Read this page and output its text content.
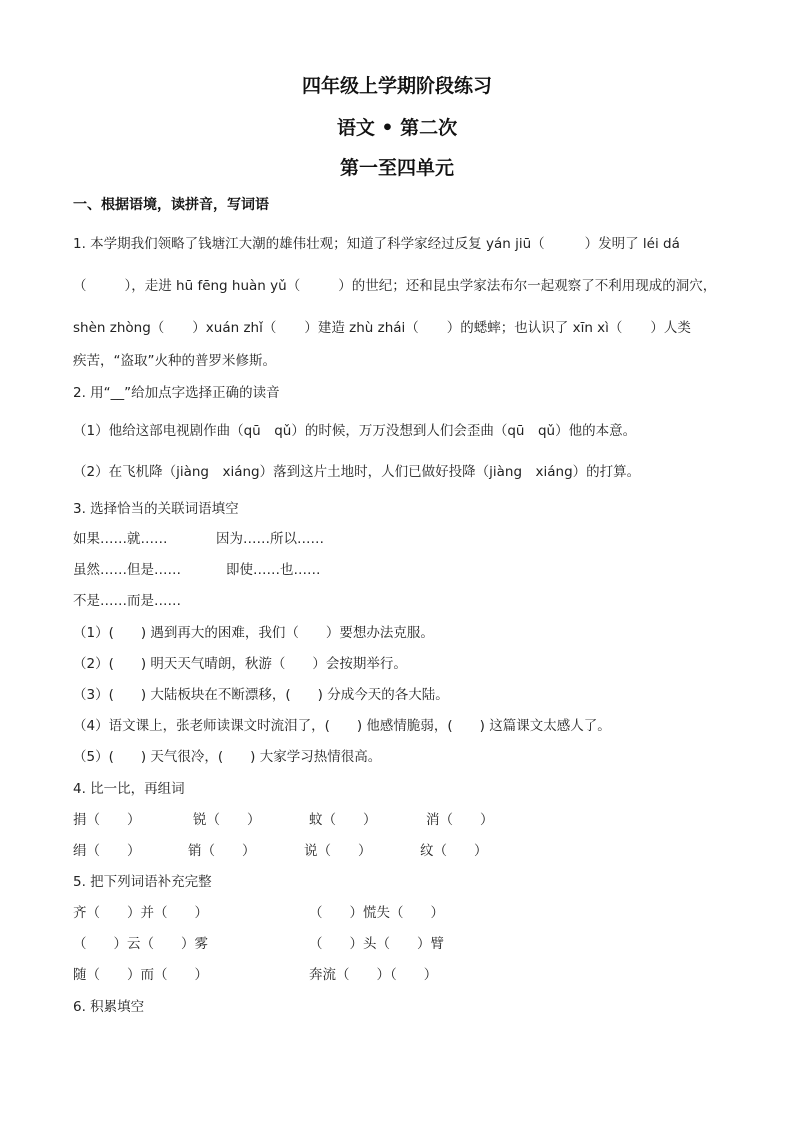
四年级上学期阶段练习
语文 • 第二次
第一至四单元
一、根据语境，读拼音，写词语
1. 本学期我们领略了钱塘江大潮的雄伟壮观；知道了科学家经过反复 yán jiū（	）发明了 léi dá
（	），走进 hū fēng huàn yǔ（	）的世纪；还和昆虫学家法布尔一起观察了不利用现成的洞穴，
shèn zhòng（ ）xuán zhǐ（ ）建造 zhù zhái（ ）的蟋蟀；也认识了 xīn xì（ ）人类
疾苦，“盗取”火种的普罗米修斯。
2. 用“__”给加点字选择正确的读音
（1）他给这部电视剧作曲（qū　qǔ）的时候，万万没想到人们会歪曲（qū　qǔ）他的本意。
（2）在飞机降（jiàng　xiáng）落到这片土地时，人们已做好投降（jiàng　xiáng）的打算。
3. 选择恰当的关联词语填空
如果……就……	因为……所以……
虽然……但是……	即使……也……
不是……而是……
（1）(　　) 遇到再大的困难，我们（　　）要想办法克服。
（2）(　　) 明天天气晴朗，秋游（　　）会按期举行。
（3）(　　) 大陆板块在不断漂移，(　　) 分成今天的各大陆。
（4）语文课上，张老师读课文时流泪了，(　　) 他感情脆弱，(　　) 这篇课文太感人了。
（5）(　　) 天气很冷，(　　) 大家学习热情很高。
4. 比一比，再组词
捐（　　）	锐（　　）	蚊（　　）	消（　　）
绢（　　）	销（　　）	说（　　）	纹（　　）
5. 把下列词语补充完整
齐（　　）并（　　）	（　　）慌失（　　）
（　　）云（　　）雾	（　　）头（　　）臂
随（　　）而（　　）	奔流（　　）（　　）
6. 积累填空
